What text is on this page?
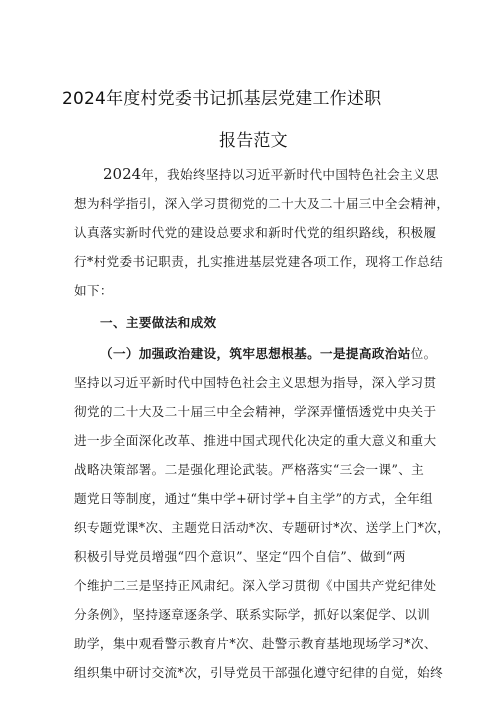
2024年度村党委书记抓基层党建工作述职
报告范文
2024年，我始终坚持以习近平新时代中国特色社会主义思
想为科学指引，深入学习贯彻党的二十大及二十届三中全会精神，
认真落实新时代党的建设总要求和新时代党的组织路线，积极履
行*村党委书记职责，扎实推进基层党建各项工作，现将工作总结
如下：
一、主要做法和成效
（一）加强政治建设，筑牢思想根基。一是提高政治站位。
坚持以习近平新时代中国特色社会主义思想为指导，深入学习贯
彻党的二十大及二十届三中全会精神，学深弄懂悟透党中央关于
进一步全面深化改革、推进中国式现代化决定的重大意义和重大
战略决策部署。二是强化理论武装。严格落实“三会一课”、主
题党日等制度，通过“集中学+研讨学+自主学”的方式，全年组
织专题党课*次、主题党日活动*次、专题研讨*次、送学上门*次，
积极引导党员增强“四个意识”、坚定“四个自信”、做到“两
个维护二三是坚持正风肃纪。深入学习贯彻《中国共产党纪律处
分条例》，坚持逐章逐条学、联系实际学，抓好以案促学、以训
助学，集中观看警示教育片*次、赴警示教育基地现场学习*次、
组织集中研讨交流*次，引导党员干部强化遵守纪律的自觉，始终
